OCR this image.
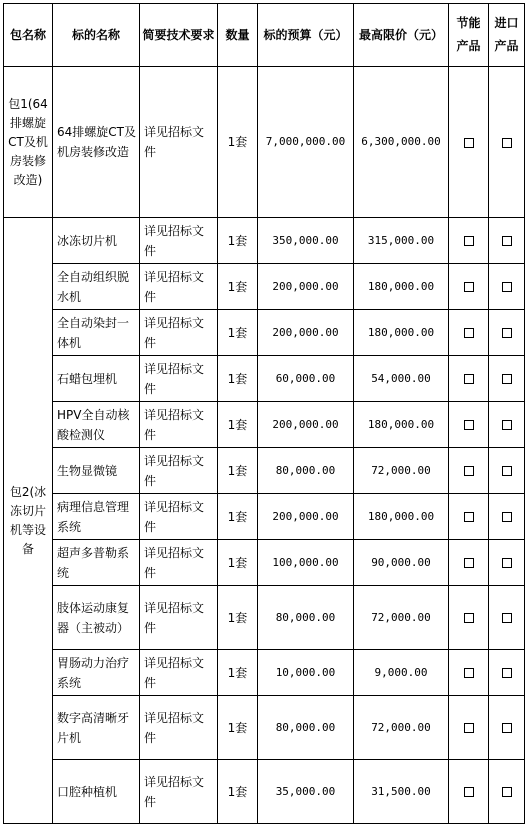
包名称	标的名称	简要技术要求	数量	标的预算（元）	最高限价（元）	节能产品	进口产品
包1(64排螺旋CT及机房装修改造)	64排螺旋CT及机房装修改造	详见招标文件	1套	7,000,000.00	6,300,000.00		
包2(冰冻切片机等设备	冰冻切片机	详见招标文件	1套	350,000.00	315,000.00		
	全自动组织脱水机	详见招标文件	1套	200,000.00	180,000.00		
	全自动染封一体机	详见招标文件	1套	200,000.00	180,000.00		
	石蜡包埋机	详见招标文件	1套	60,000.00	54,000.00		
	HPV全自动核酸检测仪	详见招标文件	1套	200,000.00	180,000.00		
	生物显微镜	详见招标文件	1套	80,000.00	72,000.00		
	病理信息管理系统	详见招标文件	1套	200,000.00	180,000.00		
	超声多普勒系统	详见招标文件	1套	100,000.00	90,000.00		
	肢体运动康复器（主被动）	详见招标文件	1套	80,000.00	72,000.00		
	胃肠动力治疗系统	详见招标文件	1套	10,000.00	9,000.00		
	数字高清晰牙片机	详见招标文件	1套	80,000.00	72,000.00		
	口腔种植机	详见招标文件	1套	35,000.00	31,500.00		
